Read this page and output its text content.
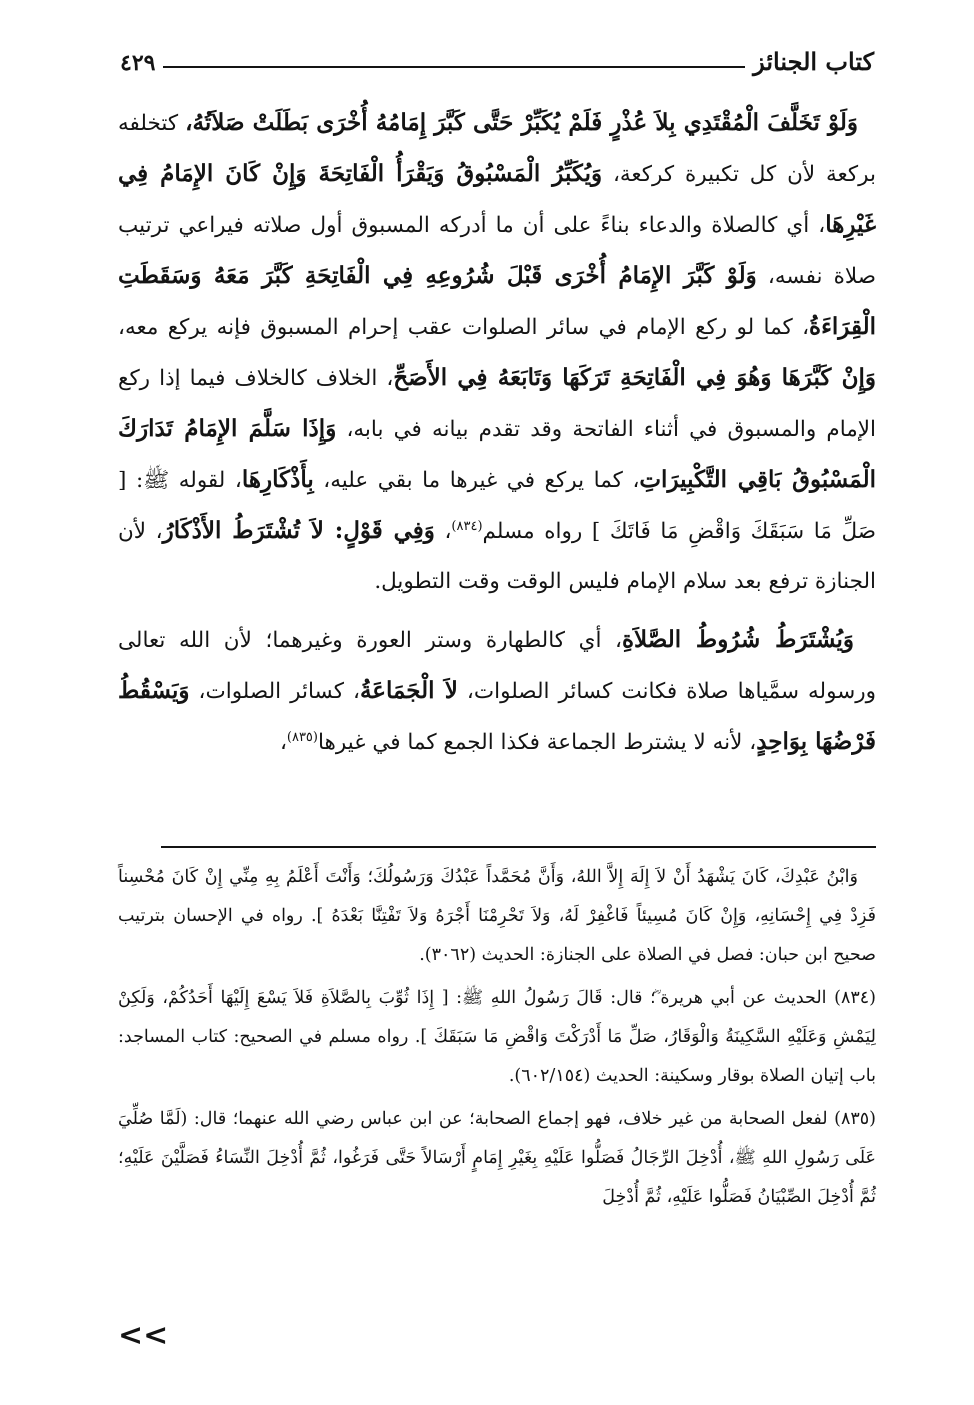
كتاب الجنائز
٤٢٩

وَلَوْ تَخَلَّفَ الْمُقْتَدِي بِلاَ عُذْرٍ فَلَمْ يُكَبِّرْ حَتَّى كَبَّرَ إِمَامُهُ أُخْرَى بَطَلَتْ صَلاَتُهُ، كتخلفه بركعة لأن كل تكبيرة كركعة، وَيُكَبِّرُ الْمَسْبُوقُ وَيَقْرَأُ الْفَاتِحَةَ وَإِنْ كَانَ الإِمَامُ فِي غَيْرِهَا، أي كالصلاة والدعاء بناءً على أن ما أدركه المسبوق أول صلاته فيراعي ترتيب صلاة نفسه، وَلَوْ كَبَّرَ الإِمَامُ أُخْرَى قَبْلَ شُرُوعِهِ فِي الْفَاتِحَةِ كَبَّرَ مَعَهُ وَسَقَطَتِ الْقِرَاءَةُ، كما لو ركع الإمام في سائر الصلوات عقب إحرام المسبوق فإنه يركع معه، وَإِنْ كَبَّرَهَا وَهُوَ فِي الْفَاتِحَةِ تَرَكَهَا وَتَابَعَهُ فِي الأَصَحِّ، الخلاف كالخلاف فيما إذا ركع الإمام والمسبوق في أثناء الفاتحة وقد تقدم بيانه في بابه، وَإِذَا سَلَّمَ الإِمَامُ تَدَارَكَ الْمَسْبُوقُ بَاقِي التَّكْبِيرَاتِ، كما يركع في غيرها ما بقي عليه، بِأَذْكَارِهَا، لقوله ﷺ: [ صَلِّ مَا سَبَقَكَ وَاقْضِ مَا فَاتَكَ ] رواه مسلم$^{(٨٣٤)}$، وَفِي قَوْلٍ: لاَ تُشْتَرَطُ الأَذْكَارُ، لأن الجنازة ترفع بعد سلام الإمام فليس الوقت وقت التطويل.

وَيُشْتَرَطُ شُرُوطُ الصَّلاَةِ، أي كالطهارة وستر العورة وغيرهما؛ لأن الله تعالى ورسوله سمَّياها صلاة فكانت كسائر الصلوات، لاَ الْجَمَاعَةُ، كسائر الصلوات، وَيَسْقُطُ فَرْضُهَا بِوَاحِدٍ، لأنه لا يشترط الجماعة فكذا الجمع كما في غيرها$^{(٨٣٥)}$،

وَابْنُ عَبْدِكَ، كَانَ يَشْهَدُ أَنْ لاَ إِلَهَ إِلاَّ اللهُ، وَأَنَّ مُحَمَّداً عَبْدُكَ وَرَسُولُكَ؛ وَأَنْتَ أَعْلَمُ بِهِ مِنِّي إِنْ كَانَ مُحْسِناً فَزِدْ فِي إِحْسَانِهِ، وَإِنْ كَانَ مُسِيئاً فَاغْفِرْ لَهُ، وَلاَ تَحْرِمْنَا أَجْرَهُ وَلاَ تَفْتِنَّا بَعْدَهُ ]. رواه في الإحسان بترتيب صحيح ابن حبان: فصل في الصلاة على الجنازة: الحديث (٣٠٦٢).

(٨٣٤) الحديث عن أبي هريرة ؓ؛ قال: قَالَ رَسُولُ اللهِ ﷺ: [ إِذَا ثُوِّبَ بِالصَّلاَةِ فَلاَ يَسْعَ إِلَيْهَا أَحَدُكُمْ، وَلَكِنْ لِيَمْشِ وَعَلَيْهِ السَّكِينَةُ وَالْوَقَارُ، صَلِّ مَا أَدْرَكْتَ وَاقْضِ مَا سَبَقَكَ ]. رواه مسلم في الصحيح: كتاب المساجد: باب إتيان الصلاة بوقار وسكينة: الحديث (٦٠٢/١٥٤).

(٨٣٥) لفعل الصحابة من غير خلاف، فهو إجماع الصحابة؛ عن ابن عباس رضي الله عنهما؛ قال: (لَمَّا صُلِّيَ عَلَى رَسُولِ اللهِ ﷺ، أُدْخِلَ الرِّجَالُ فَصَلُّوا عَلَيْهِ بِغَيْرِ إِمَامٍ أَرْسَالاً حَتَّى فَرَغُوا، ثُمَّ أُدْخِلَ النِّسَاءُ فَصَلَّيْنَ عَلَيْهِ؛ ثُمَّ أُدْخِلَ الصِّبْيَانُ فَصَلُّوا عَلَيْهِ، ثُمَّ أُدْخِلَ

<<
